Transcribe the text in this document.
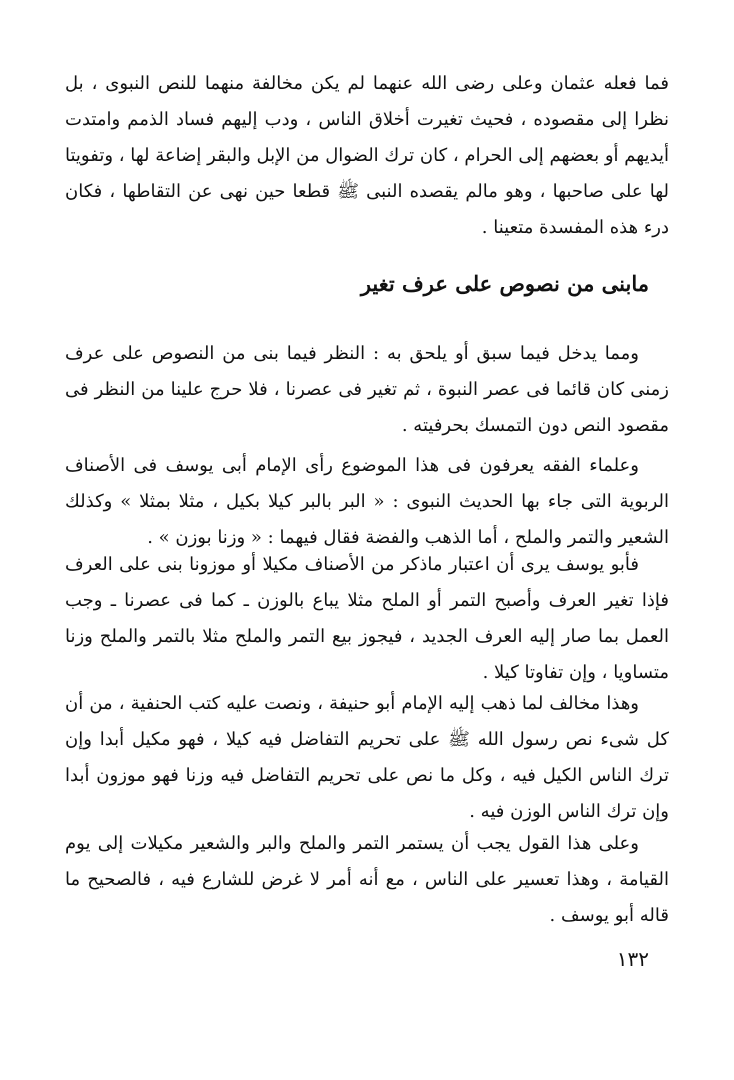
فما فعله عثمان وعلى رضى الله عنهما لم يكن مخالفة منهما للنص النبوى ، بل نظرا إلى مقصوده ، فحيث تغيرت أخلاق الناس ، ودب إليهم فساد الذمم وامتدت أيديهم أو بعضهم إلى الحرام ، كان ترك الضوال من الإبل والبقر إضاعة لها ، وتفويتا لها على صاحبها ، وهو مالم يقصده النبى ﷺ قطعا حين نهى عن التقاطها ، فكان درء هذه المفسدة متعينا .

مابنى من نصوص على عرف تغير

ومما يدخل فيما سبق أو يلحق به : النظر فيما بنى من النصوص على عرف زمنى كان قائما فى عصر النبوة ، ثم تغير فى عصرنا ، فلا حرج علينا من النظر فى مقصود النص دون التمسك بحرفيته .

وعلماء الفقه يعرفون فى هذا الموضوع رأى الإمام أبى يوسف فى الأصناف الربوية التى جاء بها الحديث النبوى : « البر بالبر كيلا بكيل ، مثلا بمثلا » وكذلك الشعير والتمر والملح ، أما الذهب والفضة فقال فيهما : « وزنا بوزن » .

فأبو يوسف يرى أن اعتبار ماذكر من الأصناف مكيلا أو موزونا بنى على العرف فإذا تغير العرف وأصبح التمر أو الملح مثلا يباع بالوزن ـ كما فى عصرنا ـ وجب العمل بما صار إليه العرف الجديد ، فيجوز بيع التمر والملح مثلا بالتمر والملح وزنا متساويا ، وإن تفاوتا كيلا .

وهذا مخالف لما ذهب إليه الإمام أبو حنيفة ، ونصت عليه كتب الحنفية ، من أن كل شىء نص رسول الله ﷺ على تحريم التفاضل فيه كيلا ، فهو مكيل أبدا وإن ترك الناس الكيل فيه ، وكل ما نص على تحريم التفاضل فيه وزنا فهو موزون أبدا وإن ترك الناس الوزن فيه .

وعلى هذا القول يجب أن يستمر التمر والملح والبر والشعير مكيلات إلى يوم القيامة ، وهذا تعسير على الناس ، مع أنه أمر لا غرض للشارع فيه ، فالصحيح ما قاله أبو يوسف .

١٣٢
